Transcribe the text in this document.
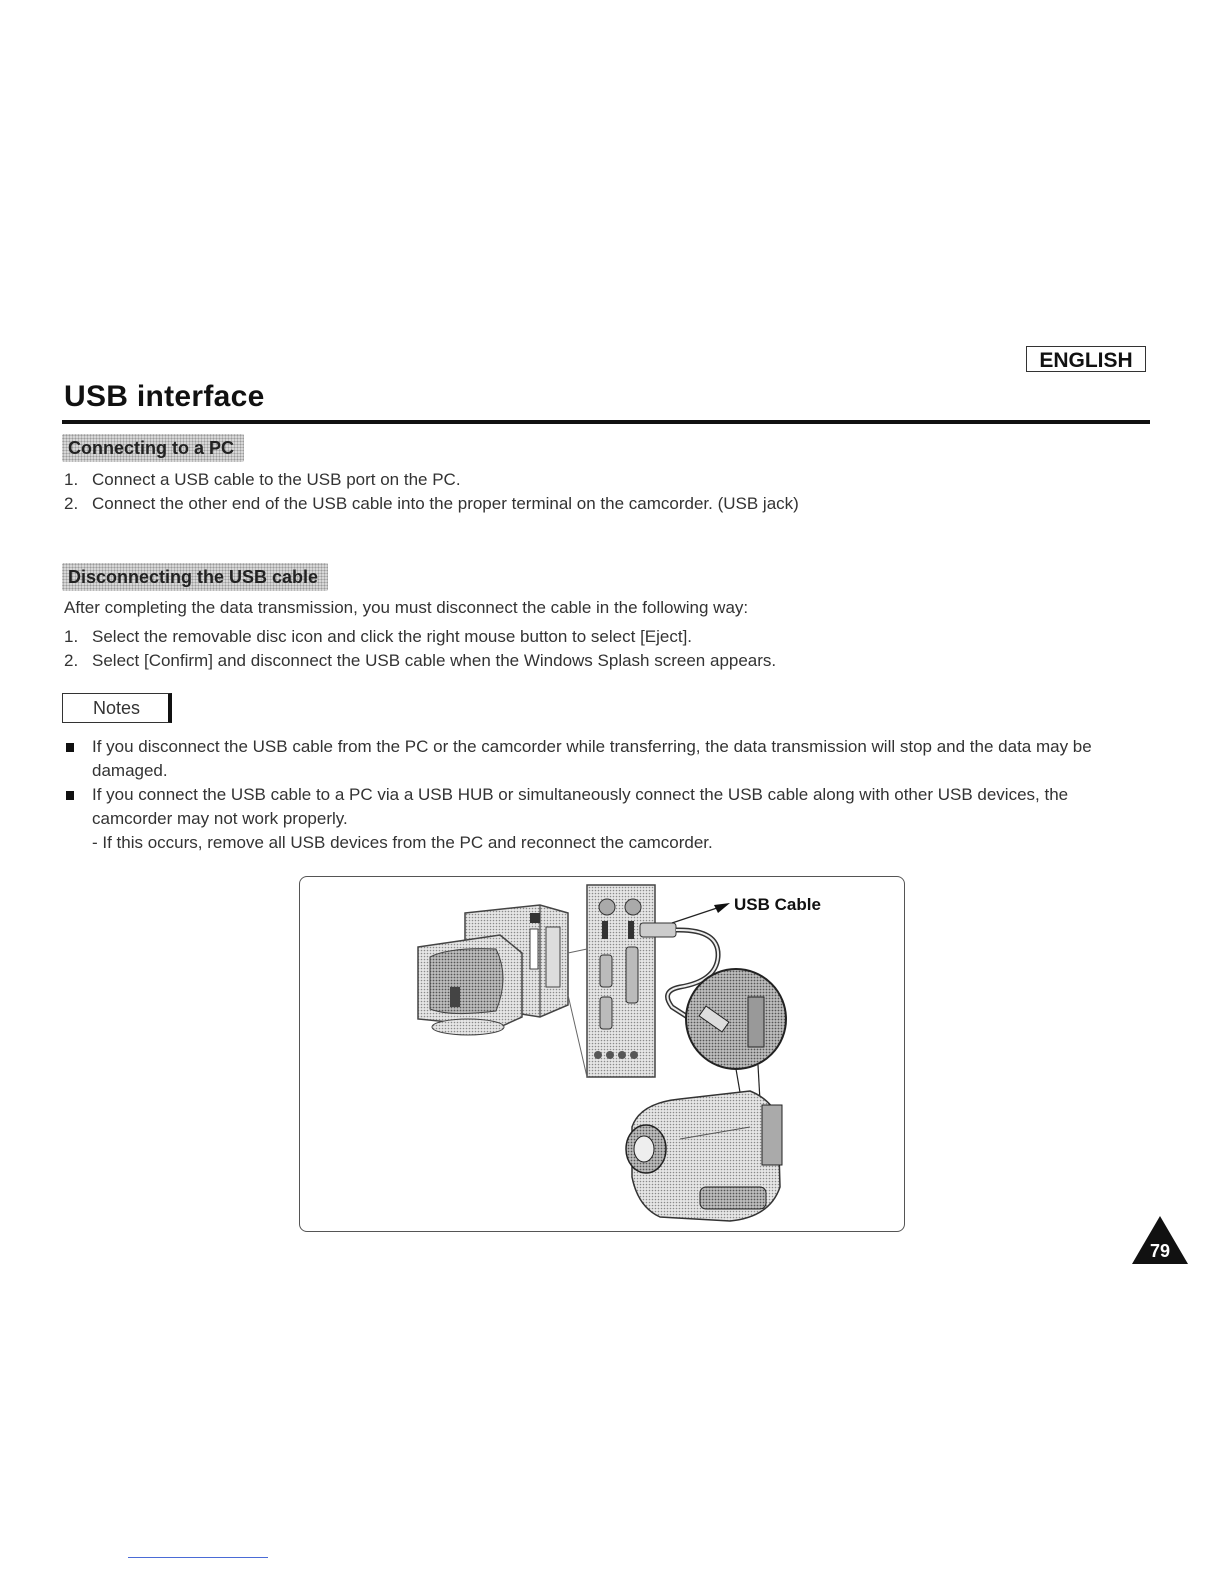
ENGLISH
USB interface
Connecting to a PC
1. Connect a USB cable to the USB port on the PC.
2. Connect the other end of the USB cable into the proper terminal on the camcorder. (USB jack)
Disconnecting the USB cable

After completing the data transmission, you must disconnect the cable in the following way:

1. Select the removable disc icon and click the right mouse button to select [Eject].
2. Select [Confirm] and disconnect the USB cable when the Windows Splash screen appears.
Notes
If you disconnect the USB cable from the PC or the camcorder while transferring, the data transmission will stop and the data may be damaged.
If you connect the USB cable to a PC via a USB HUB or simultaneously connect the USB cable along with other USB devices, the camcorder may not work properly.
- If this occurs, remove all USB devices from the PC and reconnect the camcorder.
USB Cable
79
